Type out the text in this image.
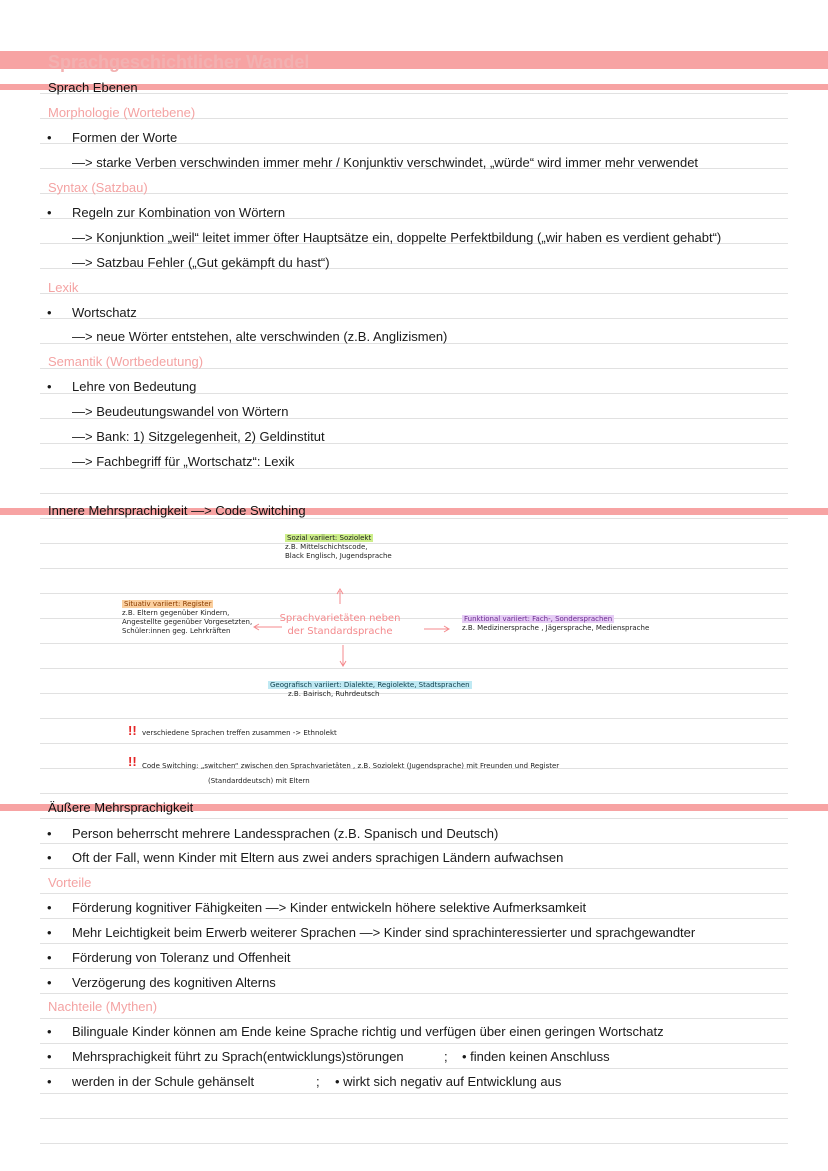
Sprachgeschichtlicher Wandel
Sprach Ebenen
Morphologie (Wortebene)
• Formen der Worte
—> starke Verben verschwinden immer mehr / Konjunktiv verschwindet, „würde“ wird immer mehr verwendet
Syntax (Satzbau)
• Regeln zur Kombination von Wörtern
—> Konjunktion „weil“ leitet immer öfter Hauptsätze ein, doppelte Perfektbildung („wir haben es verdient gehabt“)
—> Satzbau Fehler („Gut gekämpft du hast“)
Lexik
• Wortschatz
—> neue Wörter entstehen, alte verschwinden (z.B. Anglizismen)
Semantik (Wortbedeutung)
• Lehre von Bedeutung
—> Beudeutungswandel von Wörtern
—> Bank: 1) Sitzgelegenheit, 2) Geldinstitut
—> Fachbegriff für „Wortschatz“: Lexik
Innere Mehrsprachigkeit —> Code Switching
Sozial variiert: Soziolekt
z.B. Mittelschichtscode,
Black Englisch, Jugendsprache
Situativ variiert: Register
z.B. Eltern gegenüber Kindern,
Angestellte gegenüber Vorgesetzten,
Schüler:innen geg. Lehrkräften
Sprachvarietäten neben der Standardsprache
Funktional variiert: Fach-, Sondersprachen
z.B. Medizinersprache , Jägersprache, Mediensprache
Geografisch variiert: Dialekte, Regiolekte, Stadtsprachen
z.B. Bairisch, Ruhrdeutsch
!! verschiedene Sprachen treffen zusammen -> Ethnolekt
!! Code Switching: „switchen“ zwischen den Sprachvarietäten , z.B. Soziolekt (Jugendsprache) mit Freunden und Register
(Standarddeutsch) mit Eltern
Äußere Mehrsprachigkeit
• Person beherrscht mehrere Landessprachen (z.B. Spanisch und Deutsch)
• Oft der Fall, wenn Kinder mit Eltern aus zwei anders sprachigen Ländern aufwachsen
Vorteile
• Förderung kognitiver Fähigkeiten —> Kinder entwickeln höhere selektive Aufmerksamkeit
• Mehr Leichtigkeit beim Erwerb weiterer Sprachen —> Kinder sind sprachinteressierter und sprachgewandter
• Förderung von Toleranz und Offenheit
• Verzögerung des kognitiven Alterns
Nachteile (Mythen)
• Bilinguale Kinder können am Ende keine Sprache richtig und verfügen über einen geringen Wortschatz
• Mehrsprachigkeit führt zu Sprach(entwicklungs)störungen	; • finden keinen Anschluss
• werden in der Schule gehänselt	; • wirkt sich negativ auf Entwicklung aus
